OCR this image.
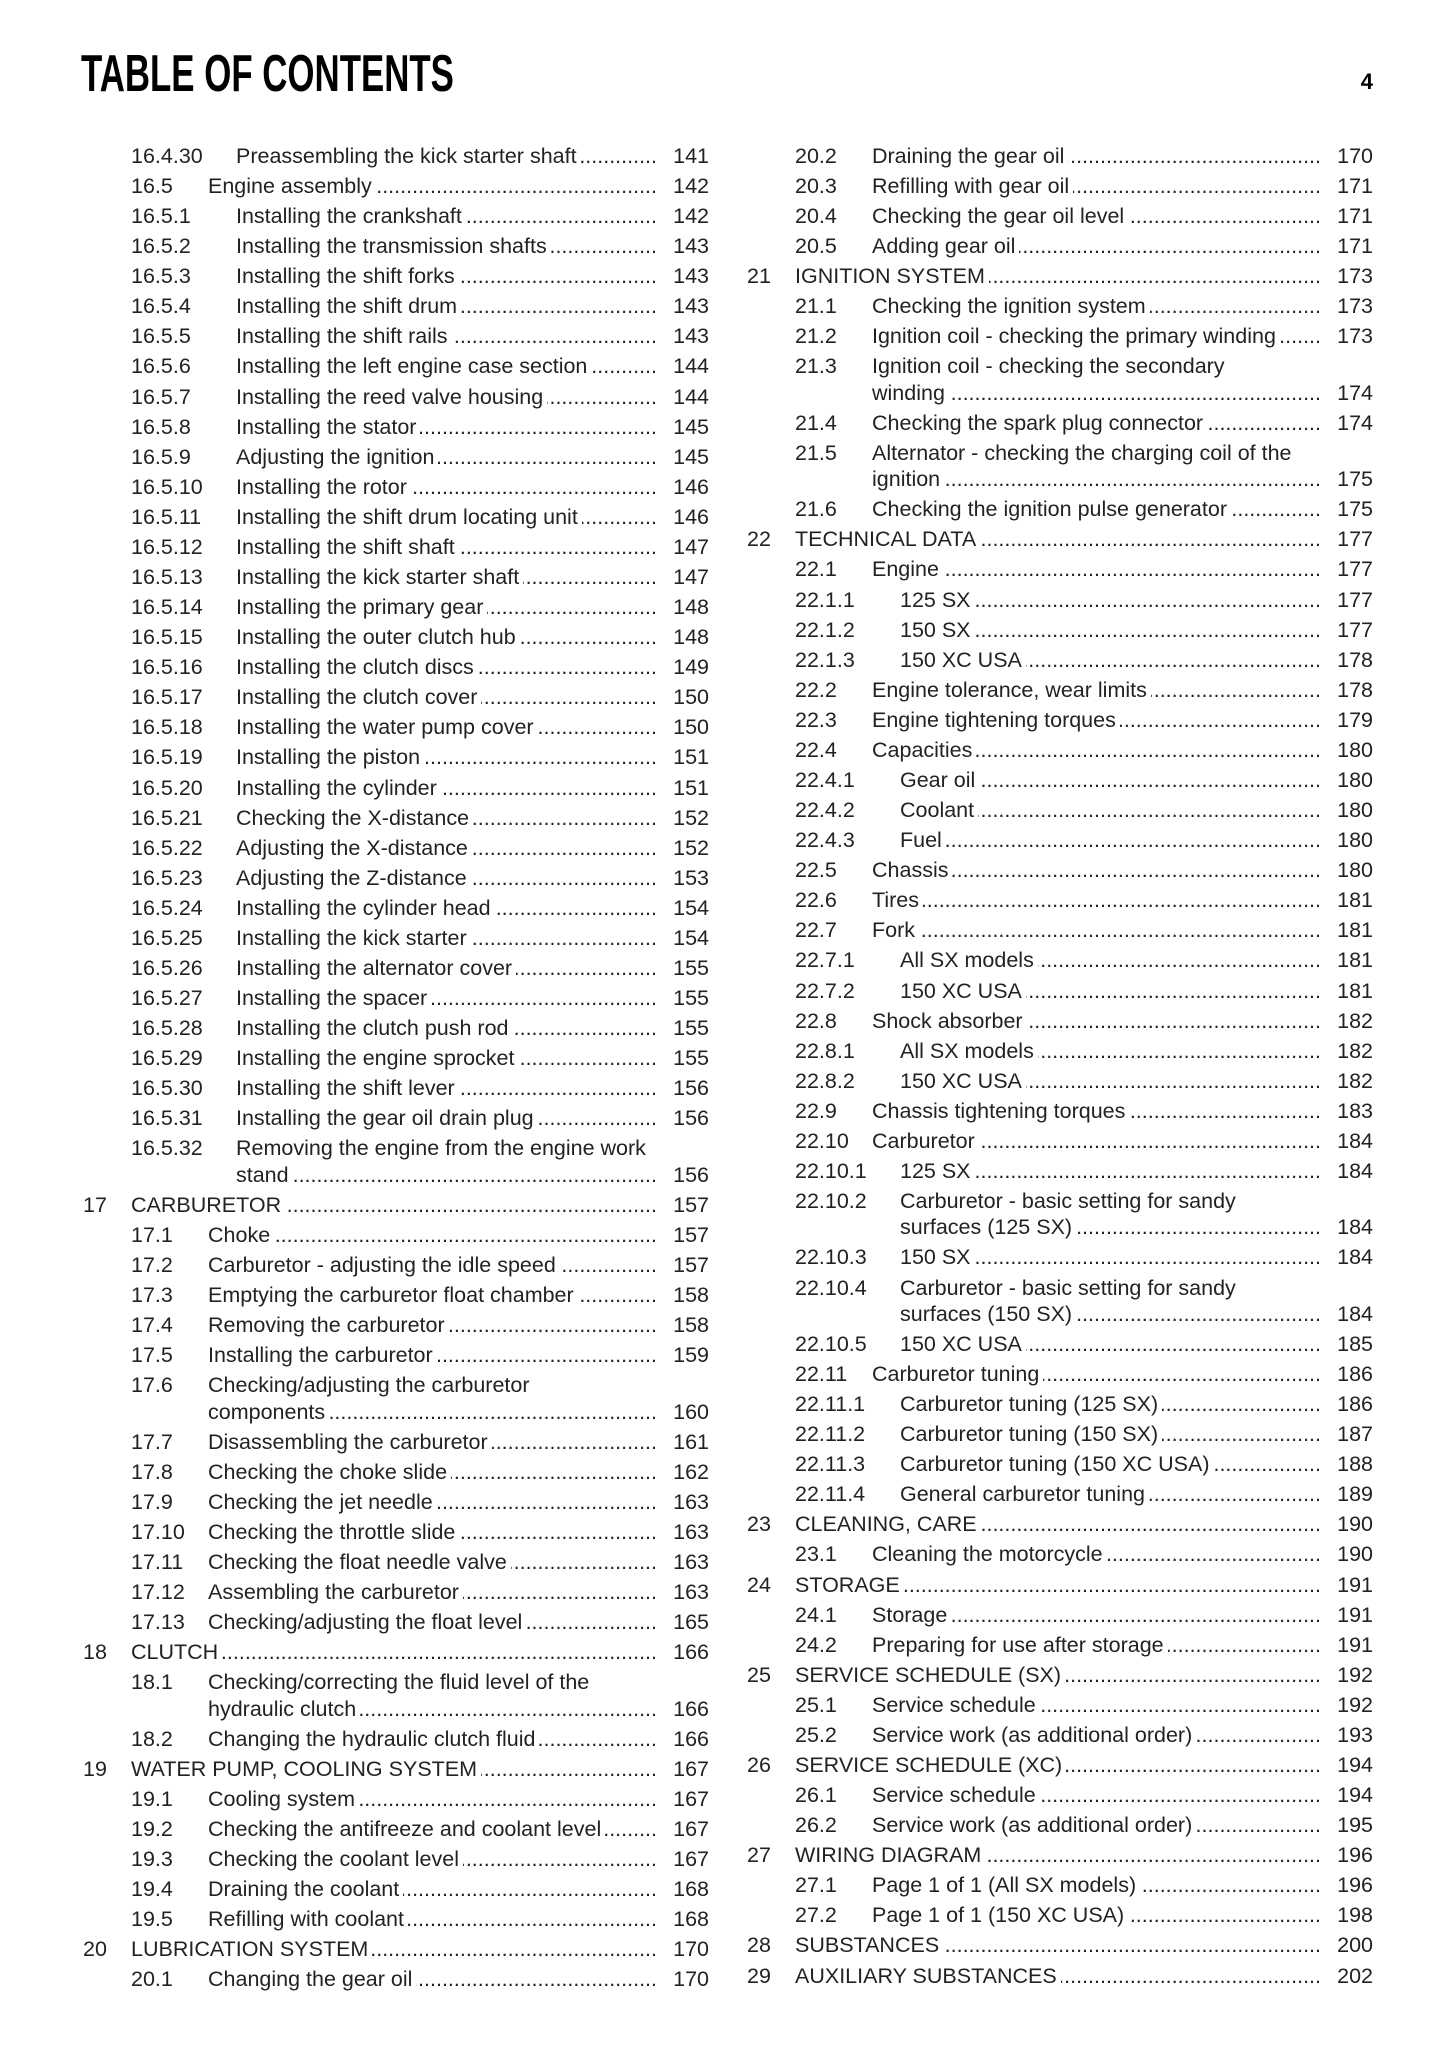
TABLE OF CONTENTS	4
16.4.30 Preassembling the kick starter shaft .....	141
16.5 Engine assembly .....	142
16.5.1 Installing the crankshaft .....	142
16.5.2 Installing the transmission shafts .....	143
16.5.3 Installing the shift forks .....	143
16.5.4 Installing the shift drum .....	143
16.5.5 Installing the shift rails .....	143
16.5.6 Installing the left engine case section .....	144
16.5.7 Installing the reed valve housing .....	144
16.5.8 Installing the stator .....	145
16.5.9 Adjusting the ignition .....	145
16.5.10 Installing the rotor .....	146
16.5.11 Installing the shift drum locating unit .....	146
16.5.12 Installing the shift shaft .....	147
16.5.13 Installing the kick starter shaft .....	147
16.5.14 Installing the primary gear .....	148
16.5.15 Installing the outer clutch hub .....	148
16.5.16 Installing the clutch discs .....	149
16.5.17 Installing the clutch cover .....	150
16.5.18 Installing the water pump cover .....	150
16.5.19 Installing the piston .....	151
16.5.20 Installing the cylinder .....	151
16.5.21 Checking the X-distance .....	152
16.5.22 Adjusting the X-distance .....	152
16.5.23 Adjusting the Z-distance .....	153
16.5.24 Installing the cylinder head .....	154
16.5.25 Installing the kick starter .....	154
16.5.26 Installing the alternator cover .....	155
16.5.27 Installing the spacer .....	155
16.5.28 Installing the clutch push rod .....	155
16.5.29 Installing the engine sprocket .....	155
16.5.30 Installing the shift lever .....	156
16.5.31 Installing the gear oil drain plug .....	156
16.5.32 Removing the engine from the engine work
stand .....	156
17 CARBURETOR .....	157
17.1 Choke .....	157
17.2 Carburetor - adjusting the idle speed .....	157
17.3 Emptying the carburetor float chamber .....	158
17.4 Removing the carburetor .....	158
17.5 Installing the carburetor .....	159
17.6 Checking/adjusting the carburetor
components .....	160
17.7 Disassembling the carburetor .....	161
17.8 Checking the choke slide .....	162
17.9 Checking the jet needle .....	163
17.10 Checking the throttle slide .....	163
17.11 Checking the float needle valve .....	163
17.12 Assembling the carburetor .....	163
17.13 Checking/adjusting the float level .....	165
18 CLUTCH .....	166
18.1 Checking/correcting the fluid level of the
hydraulic clutch .....	166
18.2 Changing the hydraulic clutch fluid .....	166
19 WATER PUMP, COOLING SYSTEM .....	167
19.1 Cooling system .....	167
19.2 Checking the antifreeze and coolant level .....	167
19.3 Checking the coolant level .....	167
19.4 Draining the coolant .....	168
19.5 Refilling with coolant .....	168
20 LUBRICATION SYSTEM .....	170
20.1 Changing the gear oil .....	170
20.2 Draining the gear oil .....	170
20.3 Refilling with gear oil .....	171
20.4 Checking the gear oil level .....	171
20.5 Adding gear oil .....	171
21 IGNITION SYSTEM .....	173
21.1 Checking the ignition system .....	173
21.2 Ignition coil - checking the primary winding .....	173
21.3 Ignition coil - checking the secondary
winding .....	174
21.4 Checking the spark plug connector .....	174
21.5 Alternator - checking the charging coil of the
ignition .....	175
21.6 Checking the ignition pulse generator .....	175
22 TECHNICAL DATA .....	177
22.1 Engine .....	177
22.1.1 125 SX .....	177
22.1.2 150 SX .....	177
22.1.3 150 XC USA .....	178
22.2 Engine tolerance, wear limits .....	178
22.3 Engine tightening torques .....	179
22.4 Capacities .....	180
22.4.1 Gear oil .....	180
22.4.2 Coolant .....	180
22.4.3 Fuel .....	180
22.5 Chassis .....	180
22.6 Tires .....	181
22.7 Fork .....	181
22.7.1 All SX models .....	181
22.7.2 150 XC USA .....	181
22.8 Shock absorber .....	182
22.8.1 All SX models .....	182
22.8.2 150 XC USA .....	182
22.9 Chassis tightening torques .....	183
22.10 Carburetor .....	184
22.10.1 125 SX .....	184
22.10.2 Carburetor - basic setting for sandy
surfaces (125 SX) .....	184
22.10.3 150 SX .....	184
22.10.4 Carburetor - basic setting for sandy
surfaces (150 SX) .....	184
22.10.5 150 XC USA .....	185
22.11 Carburetor tuning .....	186
22.11.1 Carburetor tuning (125 SX) .....	186
22.11.2 Carburetor tuning (150 SX) .....	187
22.11.3 Carburetor tuning (150 XC USA) .....	188
22.11.4 General carburetor tuning .....	189
23 CLEANING, CARE .....	190
23.1 Cleaning the motorcycle .....	190
24 STORAGE .....	191
24.1 Storage .....	191
24.2 Preparing for use after storage .....	191
25 SERVICE SCHEDULE (SX) .....	192
25.1 Service schedule .....	192
25.2 Service work (as additional order) .....	193
26 SERVICE SCHEDULE (XC) .....	194
26.1 Service schedule .....	194
26.2 Service work (as additional order) .....	195
27 WIRING DIAGRAM .....	196
27.1 Page 1 of 1 (All SX models) .....	196
27.2 Page 1 of 1 (150 XC USA) .....	198
28 SUBSTANCES .....	200
29 AUXILIARY SUBSTANCES .....	202
